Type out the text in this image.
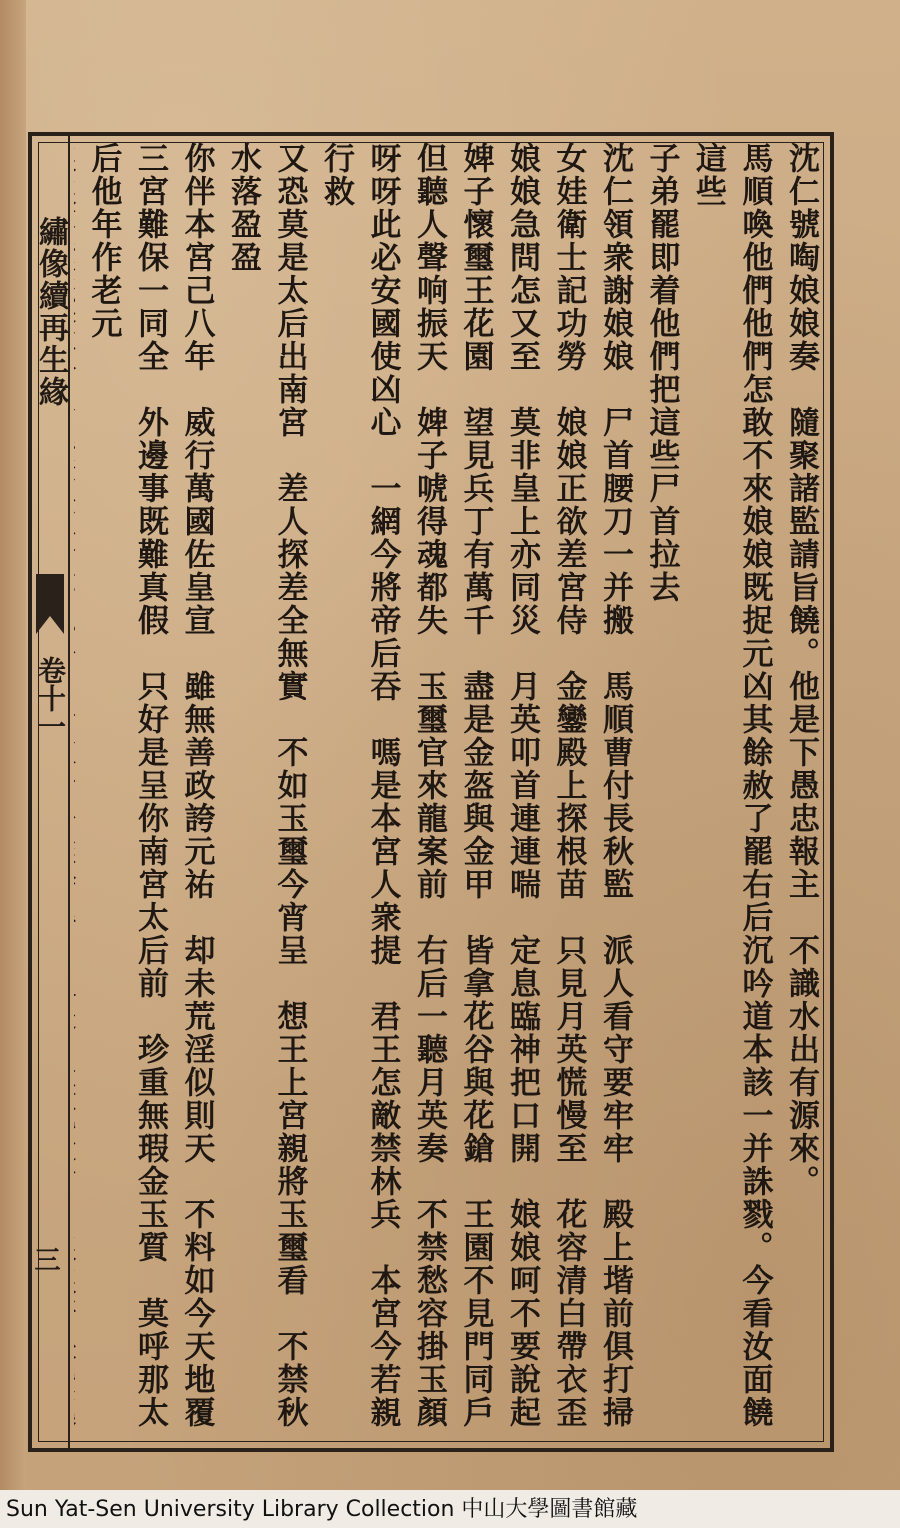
繡像續再生緣
卷十一
三
沈仁號啕娘娘奏　隨聚諸監請旨饒。他是下愚忠報主　不識水出有源來。
馬順喚他們他們怎敢不來娘娘既捉元凶其餘赦了罷右后沉吟道本該一并誅戮。今看汝面饒這些
子弟罷即着他們把這些尸首拉去
沈仁領衆謝娘娘　尸首腰刀一并搬　馬順曹付長秋監　派人看守要牢牢　殿上堦前俱打掃
女娃衛士記功勞　娘娘正欲差宮侍　金鑾殿上探根苗　只見月英慌慢至　花容清白帶衣歪
娘娘急問怎又至　莫非皇上亦同災　月英叩首連連喘　定息臨神把口開　娘娘呵不要說起
婢子懷璽王花園　望見兵丁有萬千　盡是金盔與金甲　皆拿花谷與花鎗　王園不見門同戶
但聽人聲响振天　婢子唬得魂都失　玉璽官來龍案前　右后一聽月英奏　不禁愁容掛玉顏
呀呀此必安國使凶心　一網今將帝后吞　嗎是本宮人衆提　君王怎敵禁林兵　本宮今若親行救
又恐莫是太后出南宮　差人探差全無實　不如玉璽今宵呈　想王上宮親將玉璽看　不禁秋水落盈盈
你伴本宮己八年　威行萬國佐皇宣　雖無善政誇元祐　却未荒淫似則天　不料如今天地覆
三宮難保一同全　外邊事既難真假　只好是呈你南宮太后前　珍重無瑕金玉質　莫呼那太后他年作老元
Sun Yat-Sen University Library Collection 中山大學圖書館藏
